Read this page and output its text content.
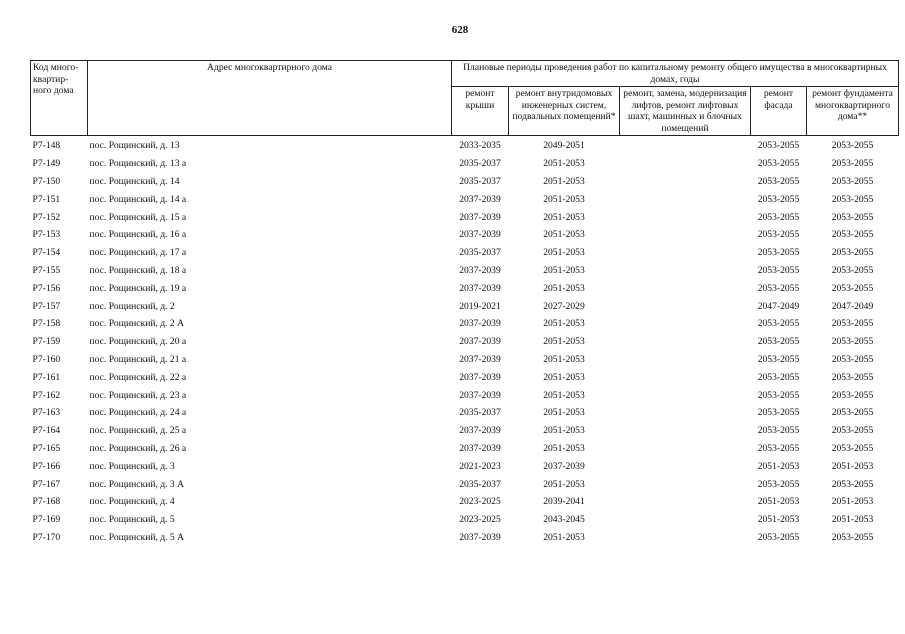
628
Код много-квартир-ного дома	Адрес многоквартирного дома	Плановые периоды проведения работ по капитальному ремонту общего имущества в многоквартирных домах, годы				
		ремонт крыши	ремонт внутридомовых инженерных систем, подвальных помещений*	ремонт, замена, модернизация лифтов, ремонт лифтовых шахт, машинных и блочных помещений	ремонт фасада	ремонт фундамента многоквартирного дома**
Р7-148	пос. Рощинский, д. 13	2033-2035	2049-2051		2053-2055	2053-2055
Р7-149	пос. Рощинский, д. 13 а	2035-2037	2051-2053		2053-2055	2053-2055
Р7-150	пос. Рощинский, д. 14	2035-2037	2051-2053		2053-2055	2053-2055
Р7-151	пос. Рощинский, д. 14 а	2037-2039	2051-2053		2053-2055	2053-2055
Р7-152	пос. Рощинский, д. 15 а	2037-2039	2051-2053		2053-2055	2053-2055
Р7-153	пос. Рощинский, д. 16 а	2037-2039	2051-2053		2053-2055	2053-2055
Р7-154	пос. Рощинский, д. 17 а	2035-2037	2051-2053		2053-2055	2053-2055
Р7-155	пос. Рощинский, д. 18 а	2037-2039	2051-2053		2053-2055	2053-2055
Р7-156	пос. Рощинский, д. 19 а	2037-2039	2051-2053		2053-2055	2053-2055
Р7-157	пос. Рощинский, д. 2	2019-2021	2027-2029		2047-2049	2047-2049
Р7-158	пос. Рощинский, д. 2 А	2037-2039	2051-2053		2053-2055	2053-2055
Р7-159	пос. Рощинский, д. 20 а	2037-2039	2051-2053		2053-2055	2053-2055
Р7-160	пос. Рощинский, д. 21 а	2037-2039	2051-2053		2053-2055	2053-2055
Р7-161	пос. Рощинский, д. 22 а	2037-2039	2051-2053		2053-2055	2053-2055
Р7-162	пос. Рощинский, д. 23 а	2037-2039	2051-2053		2053-2055	2053-2055
Р7-163	пос. Рощинский, д. 24 а	2035-2037	2051-2053		2053-2055	2053-2055
Р7-164	пос. Рощинский, д. 25 а	2037-2039	2051-2053		2053-2055	2053-2055
Р7-165	пос. Рощинский, д. 26 а	2037-2039	2051-2053		2053-2055	2053-2055
Р7-166	пос. Рощинский, д. 3	2021-2023	2037-2039		2051-2053	2051-2053
Р7-167	пос. Рощинский, д. 3 А	2035-2037	2051-2053		2053-2055	2053-2055
Р7-168	пос. Рощинский, д. 4	2023-2025	2039-2041		2051-2053	2051-2053
Р7-169	пос. Рощинский, д. 5	2023-2025	2043-2045		2051-2053	2051-2053
Р7-170	пос. Рощинский, д. 5 А	2037-2039	2051-2053		2053-2055	2053-2055
